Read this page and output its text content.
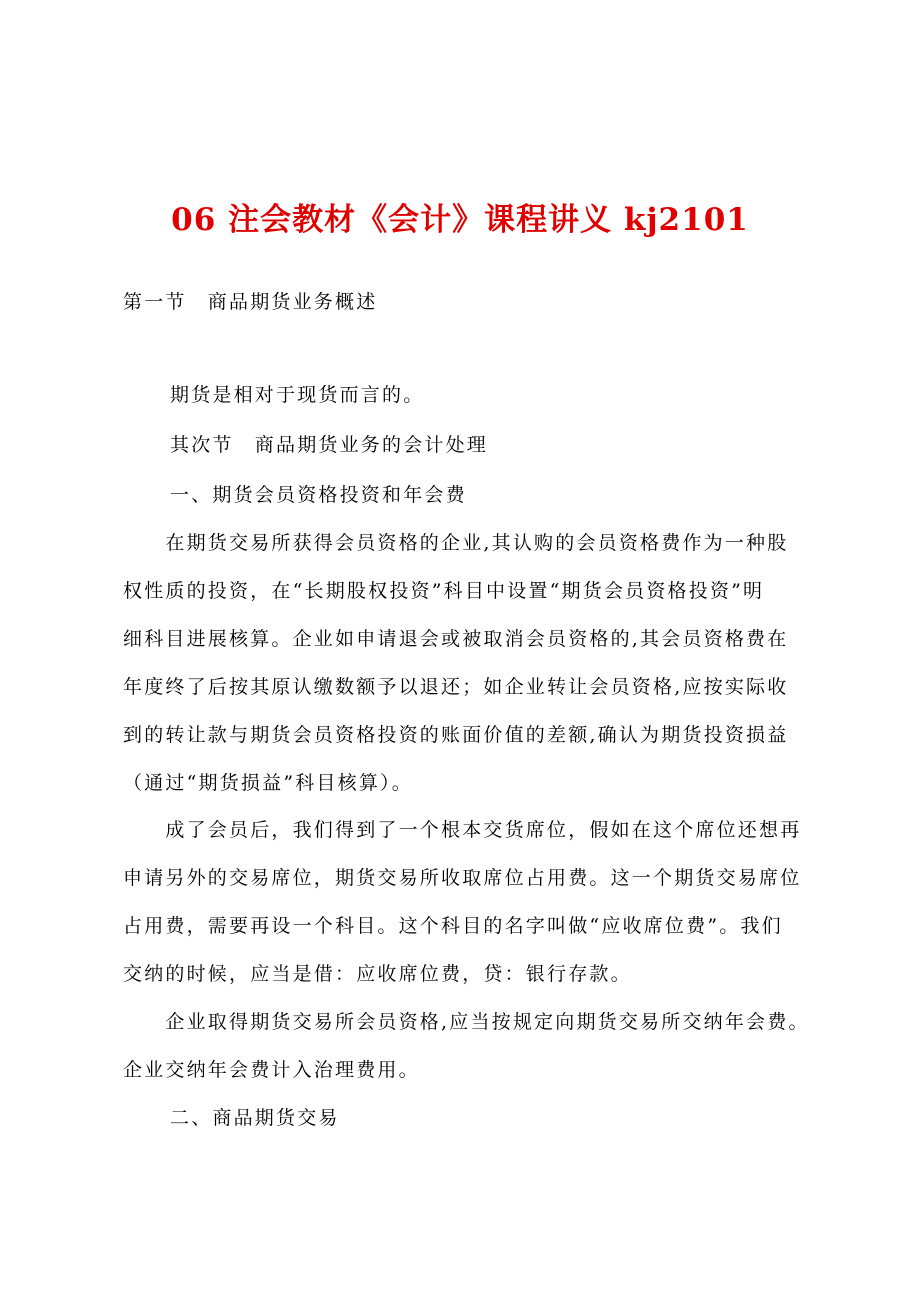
06 注会教材《会计》课程讲义 kj2101
第一节　商品期货业务概述
期货是相对于现货而言的。
其次节　商品期货业务的会计处理
一、期货会员资格投资和年会费
　　在期货交易所获得会员资格的企业,其认购的会员资格费作为一种股
权性质的投资，在“长期股权投资”科目中设置“期货会员资格投资”明
细科目进展核算。企业如申请退会或被取消会员资格的,其会员资格费在
年度终了后按其原认缴数额予以退还；如企业转让会员资格,应按实际收
到的转让款与期货会员资格投资的账面价值的差额,确认为期货投资损益
（通过“期货损益”科目核算）。
　　成了会员后，我们得到了一个根本交货席位，假如在这个席位还想再
申请另外的交易席位，期货交易所收取席位占用费。这一个期货交易席位
占用费，需要再设一个科目。这个科目的名字叫做“应收席位费”。我们
交纳的时候，应当是借：应收席位费，贷：银行存款。
　　企业取得期货交易所会员资格,应当按规定向期货交易所交纳年会费。
企业交纳年会费计入治理费用。
二、商品期货交易
